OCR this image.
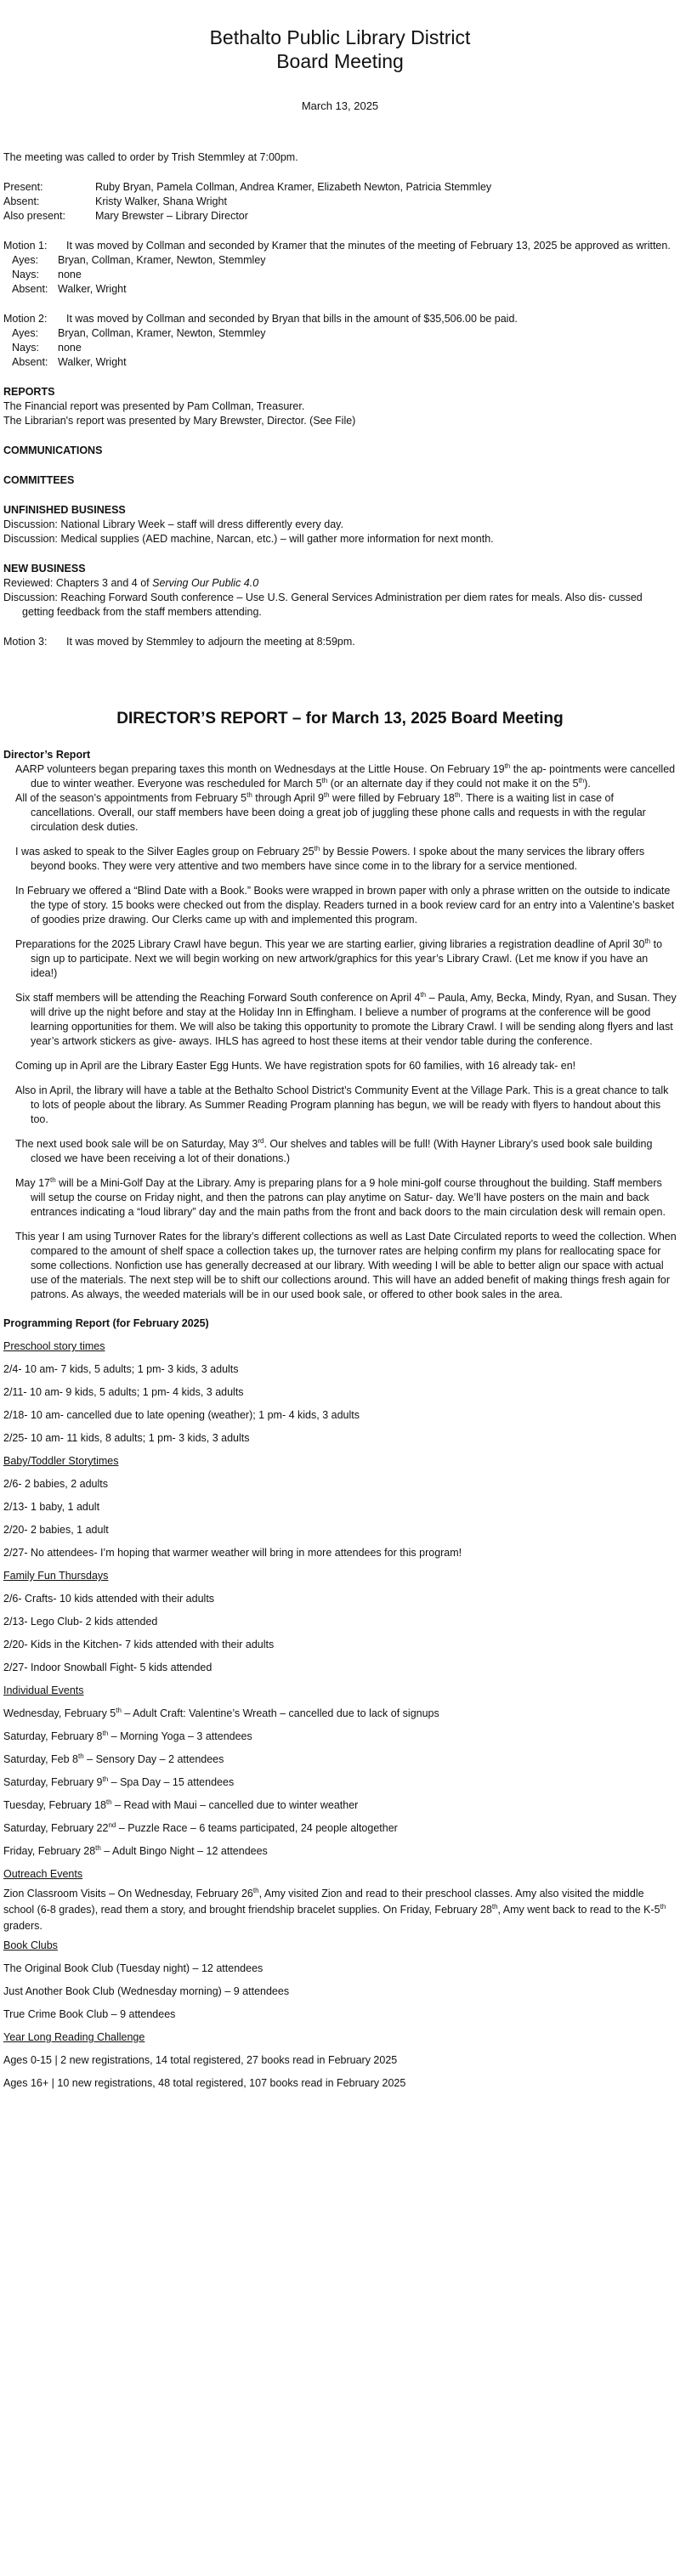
Bethalto Public Library District
Board Meeting
March 13, 2025

The meeting was called to order by Trish Stemmley at 7:00pm.

Present:	Ruby Bryan, Pamela Collman, Andrea Kramer, Elizabeth Newton, Patricia Stemmley
Absent:	Kristy Walker, Shana Wright
Also present:	Mary Brewster – Library Director
Motion 1:	It was moved by Collman and seconded by Kramer that the minutes of the meeting of February 13, 2025 be approved as written.
Ayes:	Bryan, Collman, Kramer, Newton, Stemmley
Nays:	none
Absent: Walker, Wright
Motion 2:	It was moved by Collman and seconded by Bryan that bills in the amount of $35,506.00 be paid.
Ayes:	Bryan, Collman, Kramer, Newton, Stemmley
Nays:	none
Absent: Walker, Wright

REPORTS

The Financial report was presented by Pam Collman, Treasurer.

The Librarian's report was presented by Mary Brewster, Director. (See File)

COMMUNICATIONS

COMMITTEES

UNFINISHED BUSINESS

Discussion: National Library Week – staff will dress differently every day.

Discussion: Medical supplies (AED machine, Narcan, etc.) – will gather more information for next month.

NEW BUSINESS

Reviewed: Chapters 3 and 4 of Serving Our Public 4.0

Discussion: Reaching Forward South conference – Use U.S. General Services Administration per diem rates for meals. Also dis- cussed getting feedback from the staff members attending.

Motion 3:	It was moved by Stemmley to adjourn the meeting at 8:59pm.
DIRECTOR’S REPORT – for March 13, 2025 Board Meeting

Director’s Report

AARP volunteers began preparing taxes this month on Wednesdays at the Little House. On February 19th the ap- pointments were cancelled due to winter weather. Everyone was rescheduled for March 5th (or an alternate day if they could not make it on the 5th).

All of the season’s appointments from February 5th through April 9th were filled by February 18th. There is a waiting list in case of cancellations. Overall, our staff members have been doing a great job of juggling these phone calls and requests in with the regular circulation desk duties.

I was asked to speak to the Silver Eagles group on February 25th by Bessie Powers. I spoke about the many services the library offers beyond books. They were very attentive and two members have since come in to the library for a service mentioned.

In February we offered a “Blind Date with a Book.” Books were wrapped in brown paper with only a phrase written on the outside to indicate the type of story. 15 books were checked out from the display. Readers turned in a book review card for an entry into a Valentine’s basket of goodies prize drawing. Our Clerks came up with and implemented this program.

Preparations for the 2025 Library Crawl have begun. This year we are starting earlier, giving libraries a registration deadline of April 30th to sign up to participate. Next we will begin working on new artwork/graphics for this year’s Library Crawl. (Let me know if you have an idea!)

Six staff members will be attending the Reaching Forward South conference on April 4th – Paula, Amy, Becka, Mindy, Ryan, and Susan. They will drive up the night before and stay at the Holiday Inn in Effingham. I believe a number of programs at the conference will be good learning opportunities for them. We will also be taking this opportunity to promote the Library Crawl. I will be sending along flyers and last year’s artwork stickers as give- aways. IHLS has agreed to host these items at their vendor table during the conference.

Coming up in April are the Library Easter Egg Hunts. We have registration spots for 60 families, with 16 already tak- en!

Also in April, the library will have a table at the Bethalto School District’s Community Event at the Village Park. This is a great chance to talk to lots of people about the library. As Summer Reading Program planning has begun, we will be ready with flyers to handout about this too.

The next used book sale will be on Saturday, May 3rd. Our shelves and tables will be full! (With Hayner Library’s used book sale building closed we have been receiving a lot of their donations.)

May 17th will be a Mini-Golf Day at the Library. Amy is preparing plans for a 9 hole mini-golf course throughout the building. Staff members will setup the course on Friday night, and then the patrons can play anytime on Satur- day. We’ll have posters on the main and back entrances indicating a “loud library” day and the main paths from the front and back doors to the main circulation desk will remain open.

This year I am using Turnover Rates for the library’s different collections as well as Last Date Circulated reports to weed the collection. When compared to the amount of shelf space a collection takes up, the turnover rates are helping confirm my plans for reallocating space for some collections. Nonfiction use has generally decreased at our library. With weeding I will be able to better align our space with actual use of the materials. The next step will be to shift our collections around. This will have an added benefit of making things fresh again for patrons. As always, the weeded materials will be in our used book sale, or offered to other book sales in the area.

Programming Report (for February 2025)

Preschool story times

2/4- 10 am- 7 kids, 5 adults; 1 pm- 3 kids, 3 adults

2/11- 10 am- 9 kids, 5 adults; 1 pm- 4 kids, 3 adults

2/18- 10 am- cancelled due to late opening (weather); 1 pm- 4 kids, 3 adults

2/25- 10 am- 11 kids, 8 adults; 1 pm- 3 kids, 3 adults

Baby/Toddler Storytimes

2/6- 2 babies, 2 adults

2/13- 1 baby, 1 adult

2/20- 2 babies, 1 adult

2/27- No attendees- I’m hoping that warmer weather will bring in more attendees for this program!

Family Fun Thursdays

2/6- Crafts- 10 kids attended with their adults

2/13- Lego Club- 2 kids attended

2/20- Kids in the Kitchen- 7 kids attended with their adults

2/27- Indoor Snowball Fight- 5 kids attended

Individual Events

Wednesday, February 5th – Adult Craft: Valentine’s Wreath – cancelled due to lack of signups

Saturday, February 8th – Morning Yoga – 3 attendees

Saturday, Feb 8th – Sensory Day – 2 attendees

Saturday, February 9th – Spa Day – 15 attendees

Tuesday, February 18th – Read with Maui – cancelled due to winter weather

Saturday, February 22nd – Puzzle Race – 6 teams participated, 24 people altogether

Friday, February 28th – Adult Bingo Night – 12 attendees

Outreach Events

Zion Classroom Visits – On Wednesday, February 26th, Amy visited Zion and read to their preschool classes. Amy also visited the middle school (6-8 grades), read them a story, and brought friendship bracelet supplies. On Friday, February 28th, Amy went back to read to the K-5th graders.

Book Clubs

The Original Book Club (Tuesday night) – 12 attendees

Just Another Book Club (Wednesday morning) – 9 attendees

True Crime Book Club – 9 attendees

Year Long Reading Challenge

Ages 0-15 | 2 new registrations, 14 total registered, 27 books read in February 2025

Ages 16+ | 10 new registrations, 48 total registered, 107 books read in February 2025
